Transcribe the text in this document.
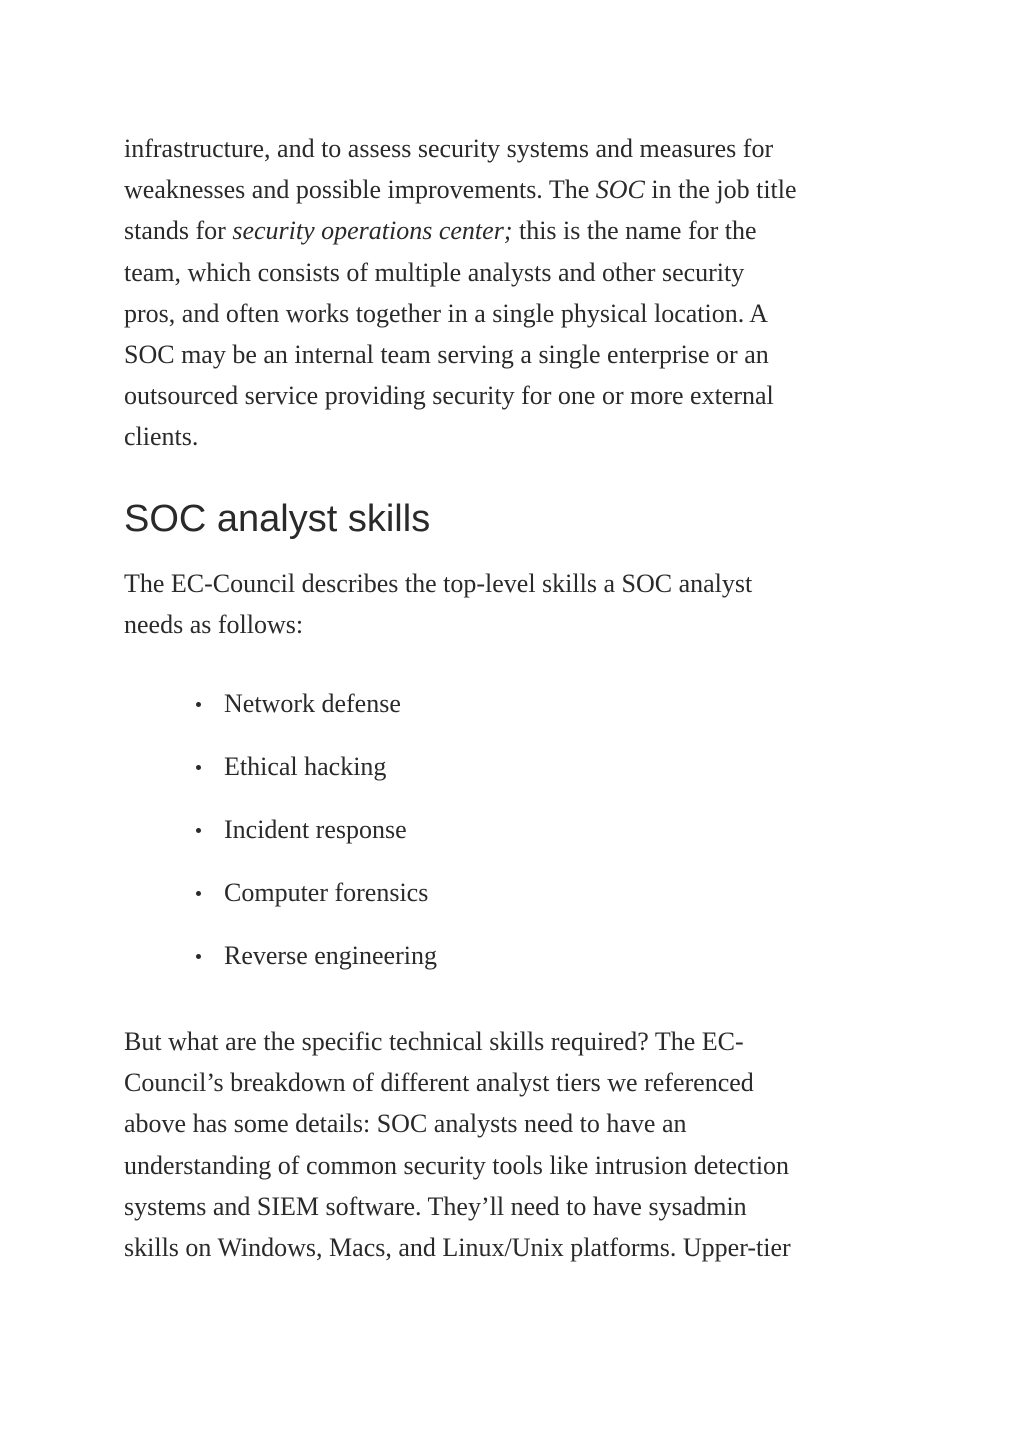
infrastructure, and to assess security systems and measures for
weaknesses and possible improvements. The SOC in the job title
stands for security operations center; this is the name for the
team, which consists of multiple analysts and other security
pros, and often works together in a single physical location. A
SOC may be an internal team serving a single enterprise or an
outsourced service providing security for one or more external
clients.

SOC analyst skills

The EC-Council describes the top-level skills a SOC analyst
needs as follows:

Network defense
Ethical hacking
Incident response
Computer forensics
Reverse engineering

But what are the specific technical skills required? The EC-
Council’s breakdown of different analyst tiers we referenced
above has some details: SOC analysts need to have an
understanding of common security tools like intrusion detection
systems and SIEM software. They’ll need to have sysadmin
skills on Windows, Macs, and Linux/Unix platforms. Upper-tier
